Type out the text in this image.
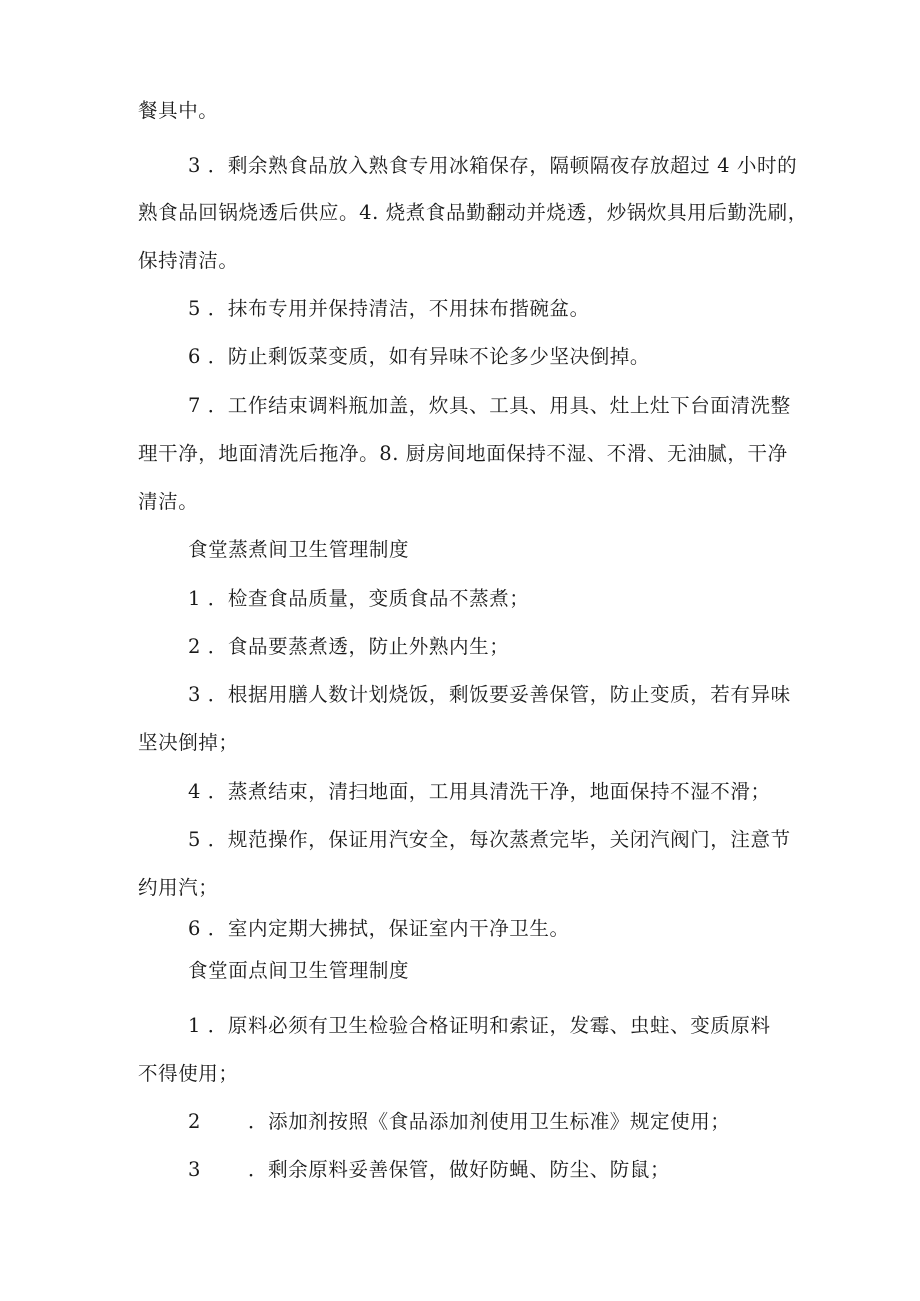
餐具中。
3 ．剩余熟食品放入熟食专用冰箱保存，隔顿隔夜存放超过 4 小时的
熟食品回锅烧透后供应。4. 烧煮食品勤翻动并烧透，炒锅炊具用后勤洗刷，
保持清洁。
5 ．抹布专用并保持清洁，不用抹布揩碗盆。
6 ．防止剩饭菜变质，如有异味不论多少坚决倒掉。
7 ．工作结束调料瓶加盖，炊具、工具、用具、灶上灶下台面清洗整
理干净，地面清洗后拖净。8. 厨房间地面保持不湿、不滑、无油腻，干净
清洁。
食堂蒸煮间卫生管理制度
1 ．检查食品质量，变质食品不蒸煮；
2 ．食品要蒸煮透，防止外熟内生；
3 ．根据用膳人数计划烧饭，剩饭要妥善保管，防止变质，若有异味
坚决倒掉；
4 ．蒸煮结束，清扫地面，工用具清洗干净，地面保持不湿不滑；
5 ．规范操作，保证用汽安全，每次蒸煮完毕，关闭汽阀门，注意节
约用汽；
6 ．室内定期大拂拭，保证室内干净卫生。
食堂面点间卫生管理制度
1 ．原料必须有卫生检验合格证明和索证，发霉、虫蛀、变质原料
不得使用；
2 　　．添加剂按照《食品添加剂使用卫生标准》规定使用；
3 　　．剩余原料妥善保管，做好防蝇、防尘、防鼠；
